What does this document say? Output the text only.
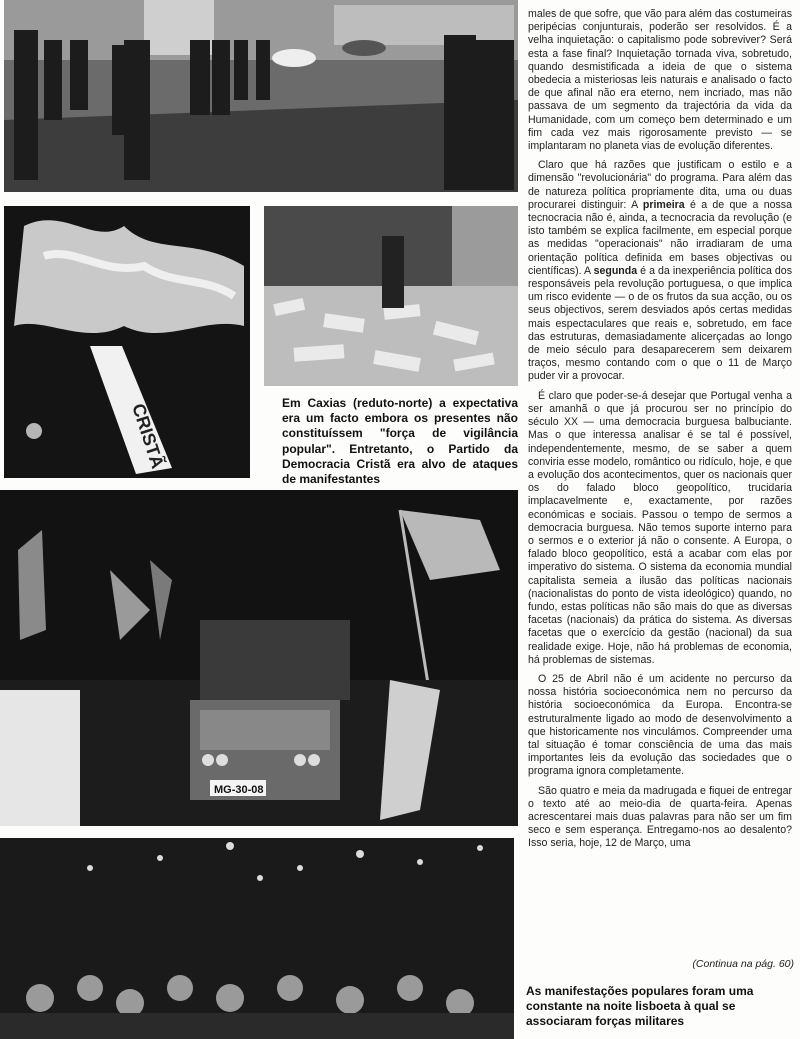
CRISTÃ	Em Caxias (reduto-norte) a expectativa era um facto embora os presentes não constituíssem "força de vigilância popular". Entretanto, o Partido da Democracia Cristã era alvo de ataques de manifestantes
MG-30-08

males de que sofre, que vão para além das costumeiras peripécias conjunturais, poderão ser resolvidos. É a velha inquietação: o capitalismo pode sobreviver? Será esta a fase final? Inquietação tornada viva, sobretudo, quando desmistificada a ideia de que o sistema obedecia a misteriosas leis naturais e analisado o facto de que afinal não era eterno, nem incriado, mas não passava de um segmento da trajectória da vida da Humanidade, com um começo bem determinado e um fim cada vez mais rigorosamente previsto — se implantaram no planeta vias de evolução diferentes.

Claro que há razões que justificam o estilo e a dimensão "revolucionária" do programa. Para além das de natureza política propriamente dita, uma ou duas procurarei distinguir: A primeira é a de que a nossa tecnocracia não é, ainda, a tecnocracia da revolução (e isto também se explica facilmente, em especial porque as medidas "operacionais" não irradiaram de uma orientação política definida em bases objectivas ou científicas). A segunda é a da inexperiência política dos responsáveis pela revolução portuguesa, o que implica um risco evidente — o de os frutos da sua acção, ou os seus objectivos, serem desviados após certas medidas mais espectaculares que reais e, sobretudo, em face das estruturas, demasiadamente alicerçadas ao longo de meio século para desaparecerem sem deixarem traços, mesmo contando com o que o 11 de Março puder vir a provocar.

É claro que poder-se-á desejar que Portugal venha a ser amanhã o que já procurou ser no princípio do século XX — uma democracia burguesa balbuciante. Mas o que interessa analisar é se tal é possível, independentemente, mesmo, de se saber a quem conviria esse modelo, romântico ou ridículo, hoje, e que a evolução dos acontecimentos, quer os nacionais quer os do falado bloco geopolítico, trucidaria implacavelmente e, exactamente, por razões económicas e sociais. Passou o tempo de sermos a democracia burguesa. Não temos suporte interno para o sermos e o exterior já não o consente. A Europa, o falado bloco geopolítico, está a acabar com elas por imperativo do sistema. O sistema da economia mundial capitalista semeia a ilusão das políticas nacionais (nacionalistas do ponto de vista ideológico) quando, no fundo, estas políticas não são mais do que as diversas facetas (nacionais) da prática do sistema. As diversas facetas que o exercício da gestão (nacional) da sua realidade exige. Hoje, não há problemas de economia, há problemas de sistemas.

O 25 de Abril não é um acidente no percurso da nossa história socioeconómica nem no percurso da história socioeconómica da Europa. Encontra-se estruturalmente ligado ao modo de desenvolvimento a que historicamente nos vinculámos. Compreender uma tal situação é tomar consciência de uma das mais importantes leis da evolução das sociedades que o programa ignora completamente.

São quatro e meia da madrugada e fiquei de entregar o texto até ao meio-dia de quarta-feira. Apenas acrescentarei mais duas palavras para não ser um fim seco e sem esperança. Entregamo-nos ao desalento? Isso seria, hoje, 12 de Março, uma

(Continua na pág. 60)
As manifestações populares foram uma constante na noite lisboeta à qual se associaram forças militares
